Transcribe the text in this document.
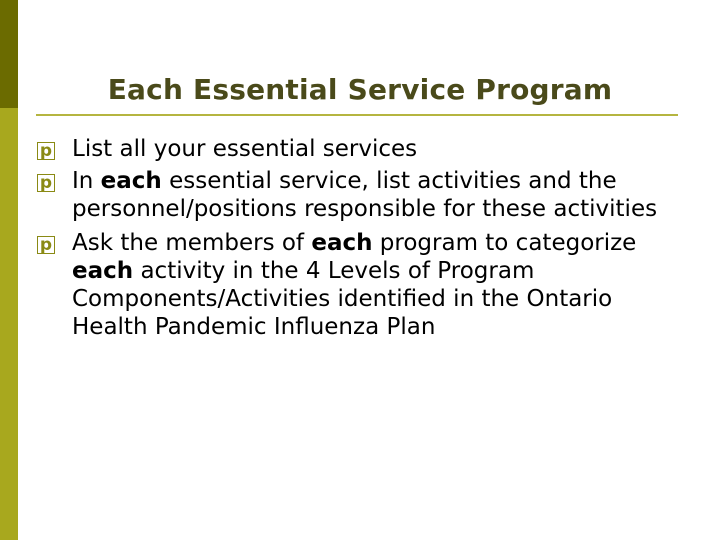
Each Essential Service Program
p List all your essential services
p In each essential service, list activities and the personnel/positions responsible for these activities
p Ask the members of each program to categorize each activity in the 4 Levels of Program Components/Activities identified in the Ontario Health Pandemic Influenza Plan
